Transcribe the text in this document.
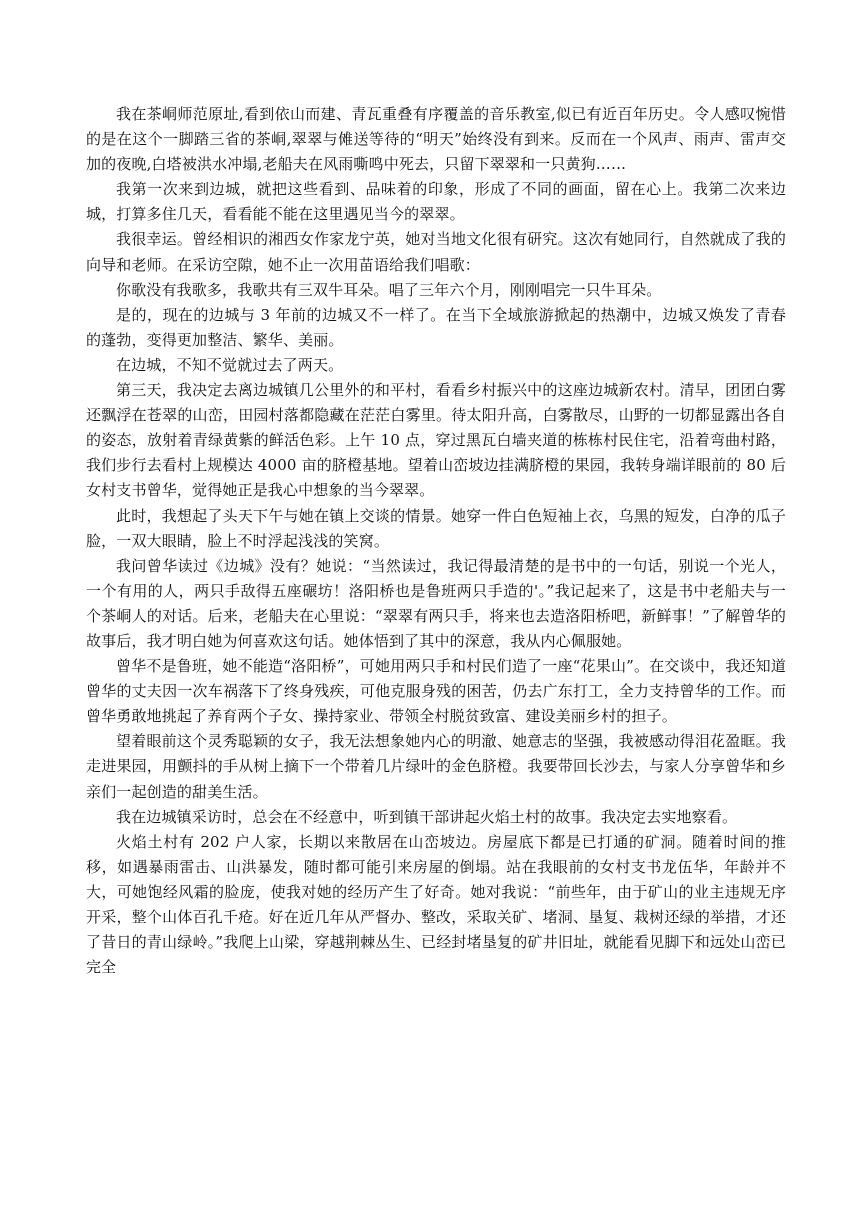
我在茶峒师范原址,看到依山而建、青瓦重叠有序覆盖的音乐教室,似已有近百年历史。令人感叹惋惜的是在这个一脚踏三省的茶峒,翠翠与傩送等待的“明天”始终没有到来。反而在一个风声、雨声、雷声交加的夜晚,白塔被洪水冲塌,老船夫在风雨嘶鸣中死去，只留下翠翠和一只黄狗……

我第一次来到边城，就把这些看到、品味着的印象，形成了不同的画面，留在心上。我第二次来边城，打算多住几天，看看能不能在这里遇见当今的翠翠。

我很幸运。曾经相识的湘西女作家龙宁英，她对当地文化很有研究。这次有她同行，自然就成了我的向导和老师。在采访空隙，她不止一次用苗语给我们唱歌：

你歌没有我歌多，我歌共有三双牛耳朵。唱了三年六个月，刚刚唱完一只牛耳朵。

是的，现在的边城与 3 年前的边城又不一样了。在当下全域旅游掀起的热潮中，边城又焕发了青春的蓬勃，变得更加整洁、繁华、美丽。

在边城，不知不觉就过去了两天。

第三天，我决定去离边城镇几公里外的和平村，看看乡村振兴中的这座边城新农村。清早，团团白雾还飘浮在苍翠的山峦，田园村落都隐藏在茫茫白雾里。待太阳升高，白雾散尽，山野的一切都显露出各自的姿态，放射着青绿黄紫的鲜活色彩。上午 10 点，穿过黑瓦白墙夹道的栋栋村民住宅，沿着弯曲村路，我们步行去看村上规模达 4000 亩的脐橙基地。望着山峦坡边挂满脐橙的果园，我转身端详眼前的 80 后女村支书曾华，觉得她正是我心中想象的当今翠翠。

此时，我想起了头天下午与她在镇上交谈的情景。她穿一件白色短袖上衣，乌黑的短发，白净的瓜子脸，一双大眼睛，脸上不时浮起浅浅的笑窝。

我问曾华读过《边城》没有？她说：“当然读过，我记得最清楚的是书中的一句话，别说一个光人，一个有用的人，两只手敌得五座碾坊！洛阳桥也是鲁班两只手造的'。”我记起来了，这是书中老船夫与一个茶峒人的对话。后来，老船夫在心里说：“翠翠有两只手，将来也去造洛阳桥吧，新鲜事！”了解曾华的故事后，我才明白她为何喜欢这句话。她体悟到了其中的深意，我从内心佩服她。

曾华不是鲁班，她不能造“洛阳桥”，可她用两只手和村民们造了一座“花果山”。在交谈中，我还知道曾华的丈夫因一次车祸落下了终身残疾，可他克服身残的困苦，仍去广东打工，全力支持曾华的工作。而曾华勇敢地挑起了养育两个子女、操持家业、带领全村脱贫致富、建设美丽乡村的担子。

望着眼前这个灵秀聪颖的女子，我无法想象她内心的明澈、她意志的坚强，我被感动得泪花盈眶。我走进果园，用颤抖的手从树上摘下一个带着几片绿叶的金色脐橙。我要带回长沙去，与家人分享曾华和乡亲们一起创造的甜美生活。

我在边城镇采访时，总会在不经意中，听到镇干部讲起火焰土村的故事。我决定去实地察看。

火焰土村有 202 户人家，长期以来散居在山峦坡边。房屋底下都是已打通的矿洞。随着时间的推移，如遇暴雨雷击、山洪暴发，随时都可能引来房屋的倒塌。站在我眼前的女村支书龙伍华，年龄并不大，可她饱经风霜的脸庞，使我对她的经历产生了好奇。她对我说：“前些年，由于矿山的业主违规无序开采，整个山体百孔千疮。好在近几年从严督办、整改，采取关矿、堵洞、垦复、栽树还绿的举措，才还了昔日的青山绿岭。”我爬上山梁，穿越荆棘丛生、已经封堵垦复的矿井旧址，就能看见脚下和远处山峦已完全
